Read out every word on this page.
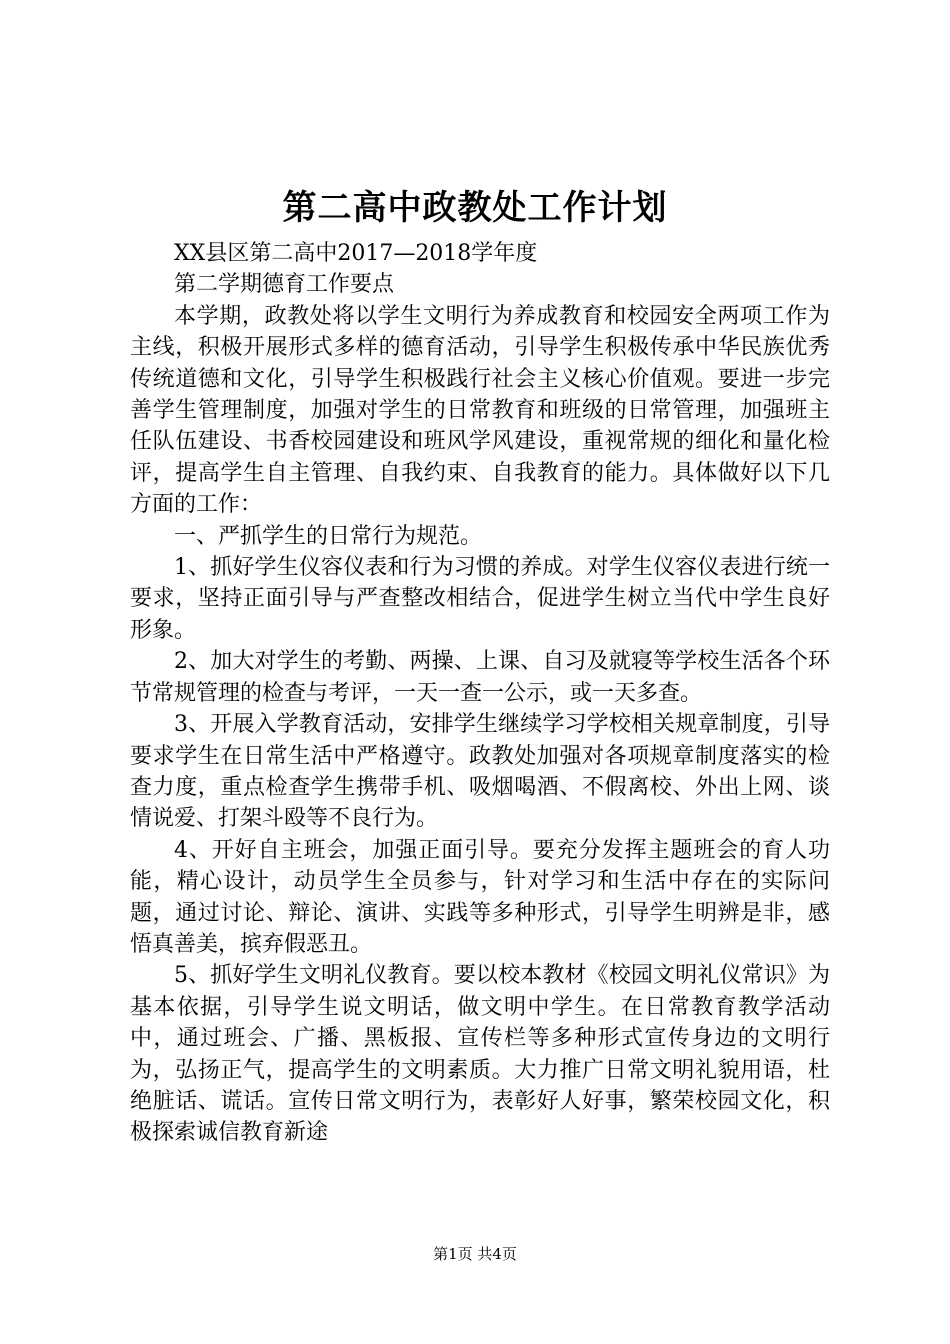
第二高中政教处工作计划

XX县区第二高中2017—2018学年度

第二学期德育工作要点

本学期，政教处将以学生文明行为养成教育和校园安全两项工作为主线，积极开展形式多样的德育活动，引导学生积极传承中华民族优秀传统道德和文化，引导学生积极践行社会主义核心价值观。要进一步完善学生管理制度，加强对学生的日常教育和班级的日常管理，加强班主任队伍建设、书香校园建设和班风学风建设，重视常规的细化和量化检评，提高学生自主管理、自我约束、自我教育的能力。具体做好以下几方面的工作：

一、严抓学生的日常行为规范。

1、抓好学生仪容仪表和行为习惯的养成。对学生仪容仪表进行统一要求，坚持正面引导与严查整改相结合，促进学生树立当代中学生良好形象。

2、加大对学生的考勤、两操、上课、自习及就寝等学校生活各个环节常规管理的检查与考评，一天一查一公示，或一天多查。

3、开展入学教育活动，安排学生继续学习学校相关规章制度，引导要求学生在日常生活中严格遵守。政教处加强对各项规章制度落实的检查力度，重点检查学生携带手机、吸烟喝酒、不假离校、外出上网、谈情说爱、打架斗殴等不良行为。

4、开好自主班会，加强正面引导。要充分发挥主题班会的育人功能，精心设计，动员学生全员参与，针对学习和生活中存在的实际问题，通过讨论、辩论、演讲、实践等多种形式，引导学生明辨是非，感悟真善美，摈弃假恶丑。

5、抓好学生文明礼仪教育。要以校本教材《校园文明礼仪常识》为基本依据，引导学生说文明话，做文明中学生。在日常教育教学活动中，通过班会、广播、黑板报、宣传栏等多种形式宣传身边的文明行为，弘扬正气，提高学生的文明素质。大力推广日常文明礼貌用语，杜绝脏话、谎话。宣传日常文明行为，表彰好人好事，繁荣校园文化，积极探索诚信教育新途

第1页 共4页
